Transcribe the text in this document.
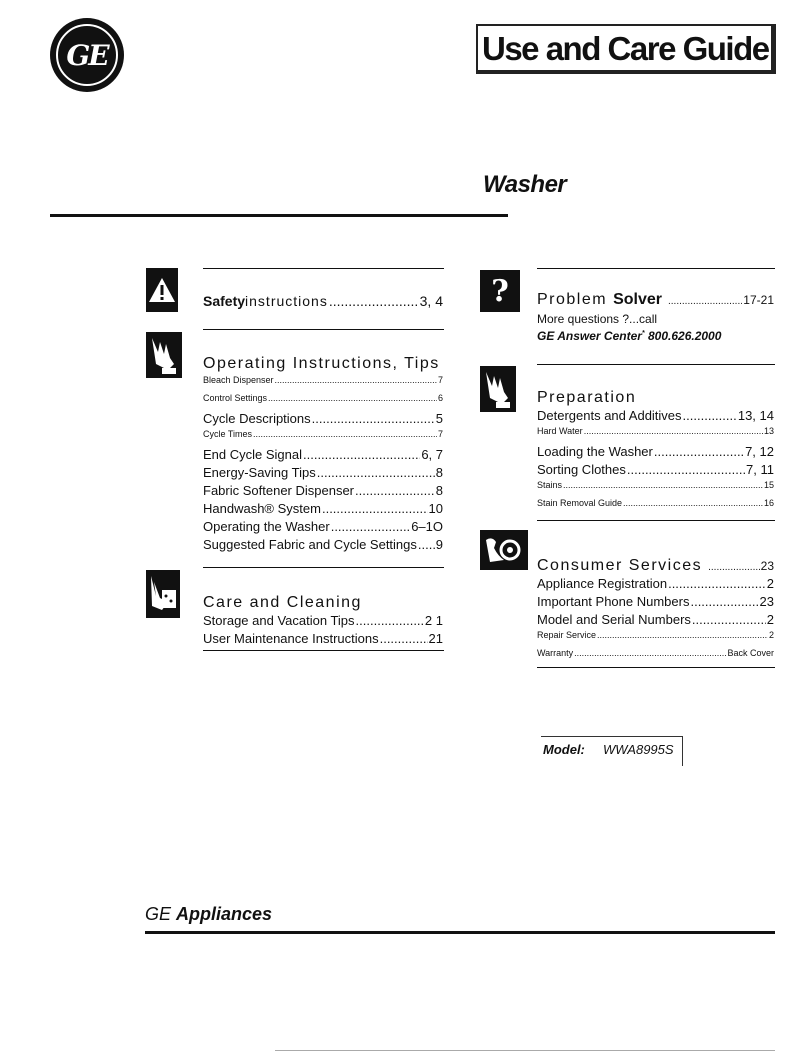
GE	Use and Care Guide
Washer
Safety instructions .....	3, 4
Operating Instructions, Tips
Bleach Dispenser .....	7
Control Settings .....	6
Cycle Descriptions .....	5
Cycle Times .....	7
End Cycle Signal .....	6, 7
Energy-Saving Tips .....	8
Fabric Softener Dispenser .....	8
Handwash® System .....	10
Operating the Washer .....	6–1O
Suggested Fabric and Cycle Settings ..... 9
Care and Cleaning
Storage and Vacation Tips .....	2 1
User Maintenance Instructions .....	21
? Problem Solver .....	17-21
More questions ?...call
GE Answer Center* 800.626.2000
Preparation
Detergents and Additives .....	13, 14
Hard Water .....	13
Loading the Washer .....	7, 12
Sorting Clothes .....	7, 11
Stains .....	15
Stain Removal Guide .....	16
Consumer Services .....	23
Appliance Registration .....	2
Important Phone Numbers .....	23
Model and Serial Numbers .....	2
Repair Service .....	2
Warranty .....	Back Cover
Model: WWA8995S
GE Appliances
